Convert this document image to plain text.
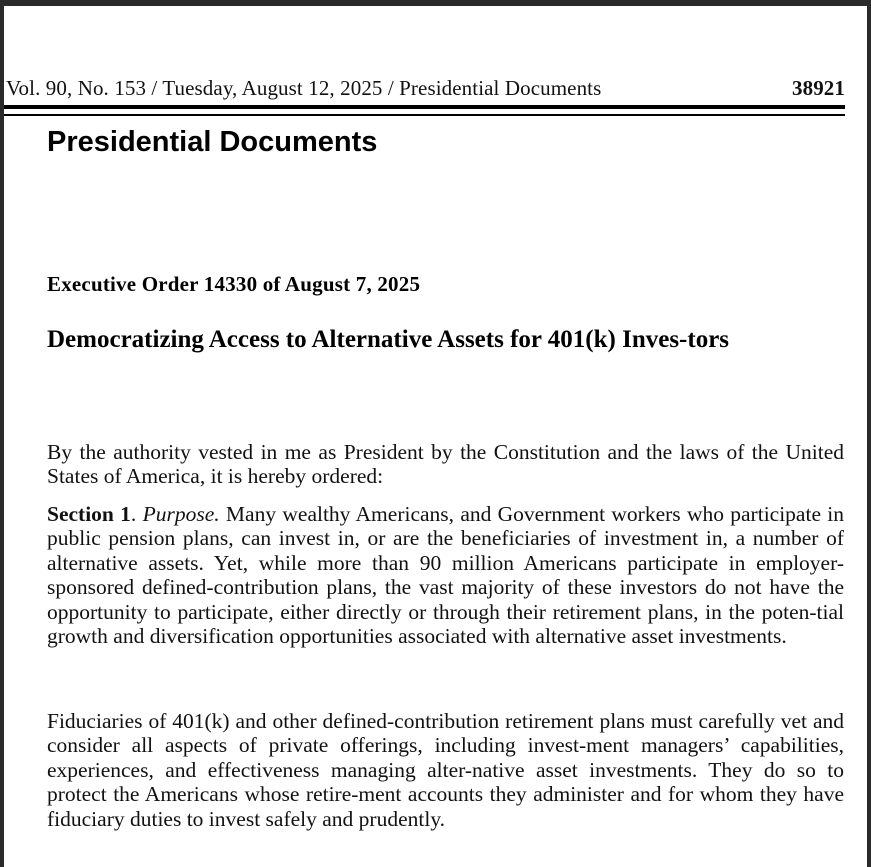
Vol. 90, No. 153 / Tuesday, August 12, 2025 / Presidential Documents	38921
Presidential Documents
Executive Order 14330 of August 7, 2025
Democratizing Access to Alternative Assets for 401(k) Inves-tors

By the authority vested in me as President by the Constitution and the laws of the United States of America, it is hereby ordered:

Section 1. Purpose. Many wealthy Americans, and Government workers who participate in public pension plans, can invest in, or are the beneficiaries of investment in, a number of alternative assets. Yet, while more than 90 million Americans participate in employer-sponsored defined-contribution plans, the vast majority of these investors do not have the opportunity to participate, either directly or through their retirement plans, in the poten-tial growth and diversification opportunities associated with alternative asset investments.

Fiduciaries of 401(k) and other defined-contribution retirement plans must carefully vet and consider all aspects of private offerings, including invest-ment managers’ capabilities, experiences, and effectiveness managing alter-native asset investments. They do so to protect the Americans whose retire-ment accounts they administer and for whom they have fiduciary duties to invest safely and prudently.
